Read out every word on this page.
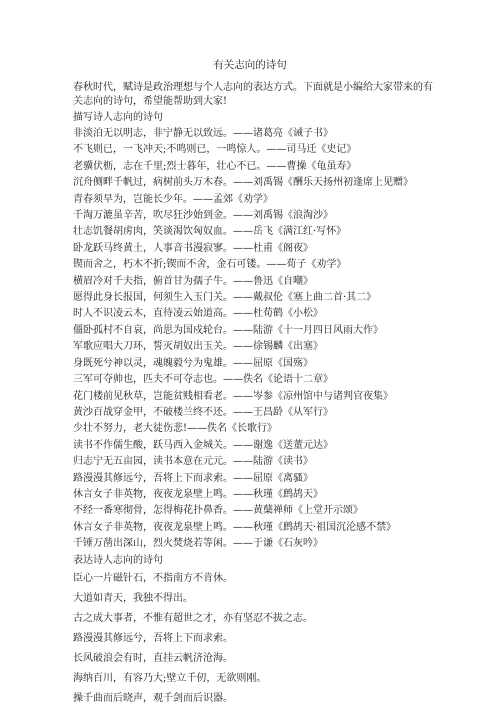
有关志向的诗句
春秋时代，赋诗是政治理想与个人志向的表达方式。下面就是小编给大家带来的有关志向的诗句，希望能帮助到大家!
描写诗人志向的诗句
非淡泊无以明志，非宁静无以致远。——诸葛亮《诫子书》
不飞则已，一飞冲天;不鸣则已，一鸣惊人。——司马迁《史记》
老骥伏枥，志在千里;烈士暮年，壮心不已。——曹操《龟虽寿》
沉舟侧畔千帆过，病树前头万木春。——刘禹锡《酬乐天扬州初逢席上见赠》
青春须早为，岂能长少年。——孟郊《劝学》
千淘万漉虽辛苦，吹尽狂沙始到金。——刘禹锡《浪淘沙》
壮志饥餐胡虏肉，笑谈渴饮匈奴血。——岳飞《满江红·写怀》
卧龙跃马终黄土，人事音书漫寂寥。——杜甫《阁夜》
锲而舍之，朽木不折;锲而不舍，金石可镂。——荀子《劝学》
横眉冷对千夫指，俯首甘为孺子牛。——鲁迅《自嘲》
愿得此身长报国，何须生入玉门关。——戴叔伦《塞上曲二首·其二》
时人不识凌云木，直待凌云始道高。——杜荀鹤《小松》
僵卧孤村不自哀，尚思为国戍轮台。——陆游《十一月四日风雨大作》
军歌应唱大刀环，誓灭胡奴出玉关。——徐锡麟《出塞》
身既死兮神以灵，魂魄毅兮为鬼雄。——屈原《国殇》
三军可夺帅也，匹夫不可夺志也。——佚名《论语十二章》
花门楼前见秋草，岂能贫贱相看老。——岑参《凉州馆中与诸判官夜集》
黄沙百战穿金甲，不破楼兰终不还。——王昌龄《从军行》
少壮不努力，老大徒伤悲!——佚名《长歌行》
读书不作儒生酸，跃马西入金城关。——谢逸《送董元达》
归志宁无五亩园，读书本意在元元。——陆游《读书》
路漫漫其修远兮，吾将上下而求索。——屈原《离骚》
休言女子非英物，夜夜龙泉壁上鸣。——秋瑾《鹧鸪天》
不经一番寒彻骨，怎得梅花扑鼻香。——黄蘖禅师《上堂开示颂》
休言女子非英物，夜夜龙泉壁上鸣。——秋瑾《鹧鸪天·祖国沉沦感不禁》
千锤万凿出深山，烈火焚烧若等闲。——于谦《石灰吟》
表达诗人志向的诗句
臣心一片磁针石，不指南方不肯休。
大道如青天，我独不得出。
古之成大事者，不惟有超世之才，亦有坚忍不拔之志。
路漫漫其修远兮，吾将上下而求索。
长风破浪会有时，直挂云帆济沧海。
海纳百川，有容乃大;壁立千仞，无欲则刚。
操千曲而后晓声，观千剑而后识器。
